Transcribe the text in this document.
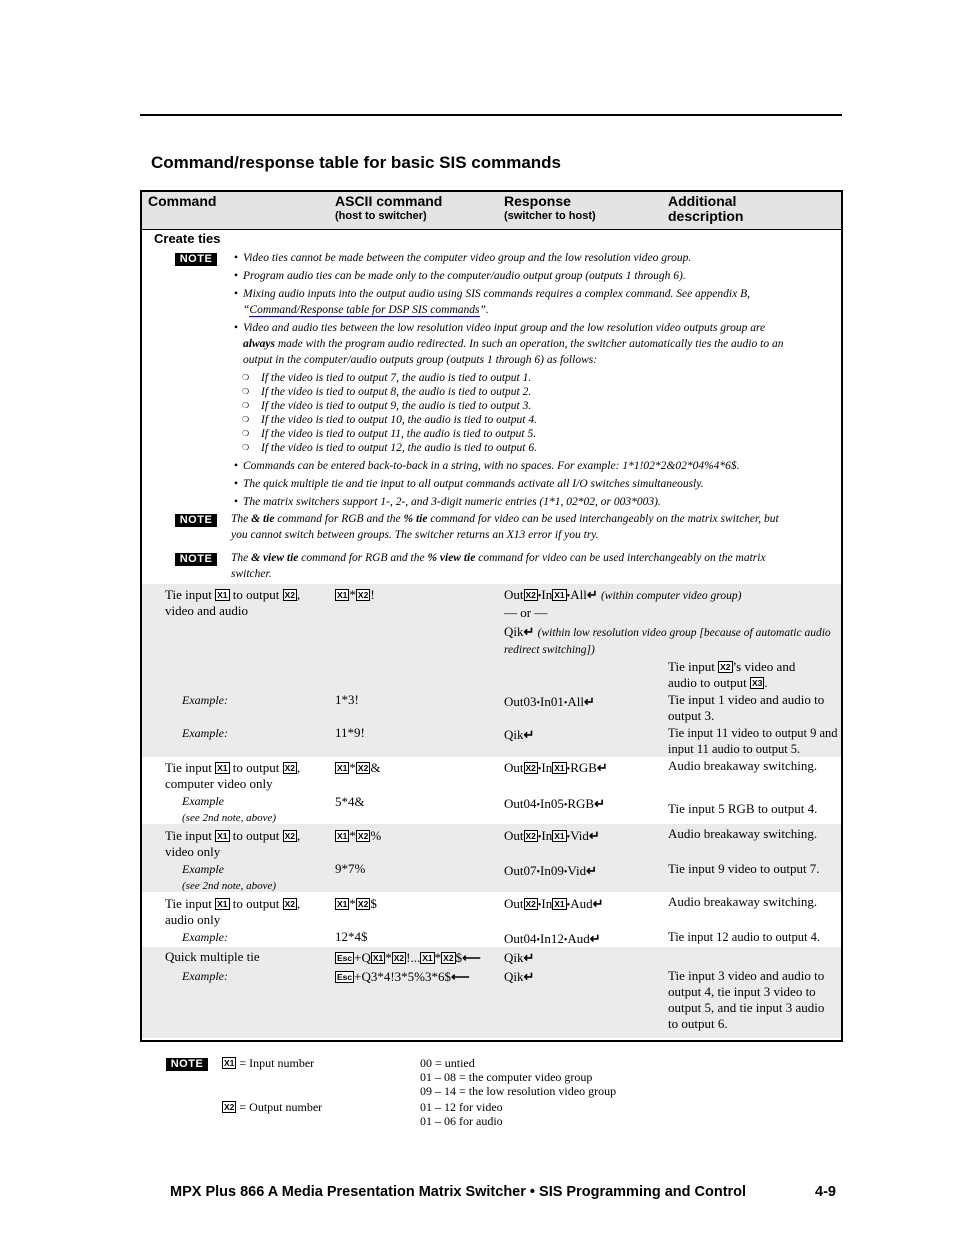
Command/response table for basic SIS commands
Command	ASCII command
(host to switcher)
Response
(switcher to host)
Additional
description
Create ties
NOTE
•	Video ties cannot be made between the computer video group and the low resolution video group.
• Program audio ties can be made only to the computer/audio output group (outputs 1 through 6).
• Mixing audio inputs into the output audio using SIS commands requires a complex command. See appendix B,
“Command/Response table for DSP SIS commands”.
• Video and audio ties between the low resolution video input group and the low resolution video outputs group are
always made with the program audio redirected. In such an operation, the switcher automatically ties the audio to an
output in the computer/audio outputs group (outputs 1 through 6) as follows:
❍ If the video is tied to output 7, the audio is tied to output 1.
❍ If the video is tied to output 8, the audio is tied to output 2.
❍ If the video is tied to output 9, the audio is tied to output 3.
❍ If the video is tied to output 10, the audio is tied to output 4.
❍ If the video is tied to output 11, the audio is tied to output 5.
❍ If the video is tied to output 12, the audio is tied to output 6.
• Commands can be entered back-to-back in a string, with no spaces. For example: 1*1!02*2&02*04%4*6$.
• The quick multiple tie and tie input to all output commands activate all I/O switches simultaneously.
• The matrix switchers support 1-, 2-, and 3-digit numeric entries (1*1, 02*02, or 003*003).
NOTE	The & tie command for RGB and the % tie command for video can be used interchangeably on the matrix switcher, but
you cannot switch between groups. The switcher returns an X13 error if you try.
NOTE	The & view tie command for RGB and the % view tie command for video can be used interchangeably on the matrix
switcher.
Tie input X1 to output X2 ,
video and audio
X1 * X2 !	Out X2 •In X1 •All↵ (within computer video group)
— or —
Qik↵ (within low resolution video group [because of automatic audio redirect switching])
Tie input X2 ’s video and
audio to output X3 .
Example:	1*3!	Out03•In01•All↵	Tie input 1 video and audio to output 3.
Example:	11*9!	Qik↵	Tie input 11 video to output 9 and input 11 audio to output 5.
Tie input X1 to output X2 ,
computer video only
X1 * X2 &	Out X2 •In X1 •RGB↵	Audio breakaway switching.
Example
(see 2nd note, above)
5*4&	Out04•In05•RGB↵	Tie input 5 RGB to output 4.
Tie input X1 to output X2 ,
video only
X1 * X2 %	Out X2 •In X1 •Vid↵	Audio breakaway switching.
Example
(see 2nd note, above)
9*7%	Out07•In09•Vid↵	Tie input 9 video to output 7.
Tie input X1 to output X2 ,
audio only
X1 * X2 $	Out X2 •In X1 •Aud↵	Audio breakaway switching.
Example:	12*4$	Out04•In12•Aud↵	Tie input 12 audio to output 4.
Quick multiple tie	Esc +Q X1 * X2 !... X1 * X2 $⟵ Qik↵
Example:	Esc +Q3*4!3*5%3*6$⟵	Qik↵	Tie input 3 video and audio to output 4, tie input 3 video to output 5, and tie input 3 audio to output 6.
NOTE	X1 = Input number	00 = untied
01 – 08 = the computer video group
09 – 14 = the low resolution video group
X2 = Output number	01 – 12 for video
01 – 06 for audio
MPX Plus 866 A Media Presentation Matrix Switcher • SIS Programming and Control	4-9
